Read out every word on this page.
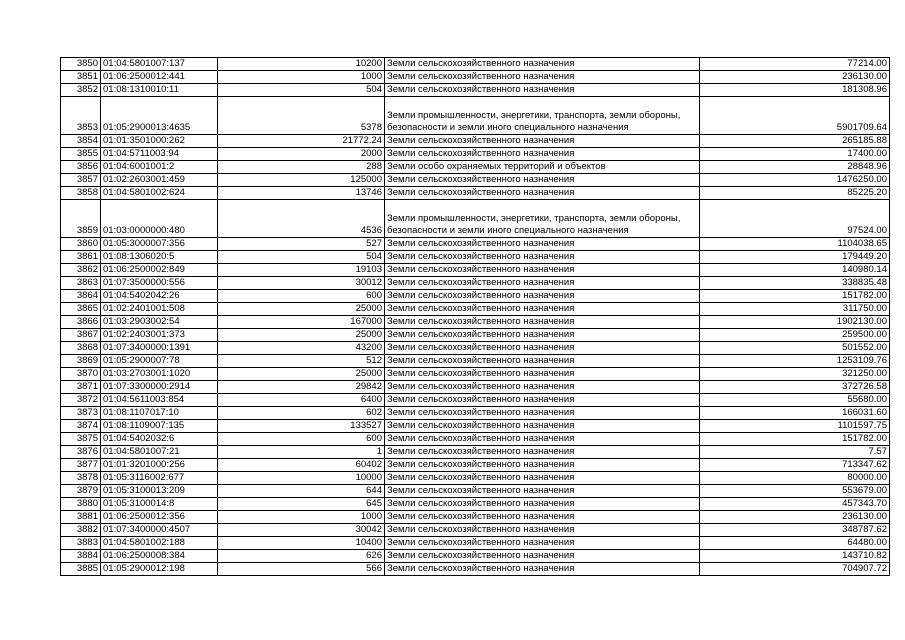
3850	01:04:5801007:137	10200	Земли сельскохозяйственного назначения	77214.00
3851	01:06:2500012:441	1000	Земли сельскохозяйственного назначения	236130.00
3852	01:08:1310010:11	504	Земли сельскохозяйственного назначения	181308.96
3853	01:05:2900013:4635	5378	Земли промышленности, энергетики, транспорта, земли обороны, безопасности и земли иного специального назначения	5901709.64
3854	01:01:3501000:262	21772.24	Земли сельскохозяйственного назначения	265185.88
3855	01:04:5711003:94	2000	Земли сельскохозяйственного назначения	17400.00
3856	01:04:6001001:2	288	Земли особо охраняемых территорий и объектов	28848.96
3857	01:02:2603001:459	125000	Земли сельскохозяйственного назначения	1476250.00
3858	01:04:5801002:624	13746	Земли сельскохозяйственного назначения	85225.20
3859	01:03:0000000:480	4536	Земли промышленности, энергетики, транспорта, земли обороны, безопасности и земли иного специального назначения	97524.00
3860	01:05:3000007:356	527	Земли сельскохозяйственного назначения	1104038.65
3861	01:08:1306020:5	504	Земли сельскохозяйственного назначения	179449.20
3862	01:06:2500002:849	19103	Земли сельскохозяйственного назначения	140980.14
3863	01:07:3500000:556	30012	Земли сельскохозяйственного назначения	338835.48
3864	01:04:5402042:26	600	Земли сельскохозяйственного назначения	151782.00
3865	01:02:2401001:508	25000	Земли сельскохозяйственного назначения	311750.00
3866	01:03:2903002:54	167000	Земли сельскохозяйственного назначения	1902130.00
3867	01:02:2403001:373	25000	Земли сельскохозяйственного назначения	259500.00
3868	01:07:3400000:1391	43200	Земли сельскохозяйственного назначения	501552.00
3869	01:05:2900007:78	512	Земли сельскохозяйственного назначения	1253109.76
3870	01:03:2703001:1020	25000	Земли сельскохозяйственного назначения	321250.00
3871	01:07:3300000:2914	29842	Земли сельскохозяйственного назначения	372726.58
3872	01:04:5611003:854	6400	Земли сельскохозяйственного назначения	55680.00
3873	01:08:1107017:10	602	Земли сельскохозяйственного назначения	166031.60
3874	01:08:1109007:135	133527	Земли сельскохозяйственного назначения	1101597.75
3875	01:04:5402032:6	600	Земли сельскохозяйственного назначения	151782.00
3876	01:04:5801007:21	1	Земли сельскохозяйственного назначения	7.57
3877	01:01:3201000:256	60402	Земли сельскохозяйственного назначения	713347.62
3878	01:05:3116002:677	10000	Земли сельскохозяйственного назначения	80000.00
3879	01:05:3100013:209	644	Земли сельскохозяйственного назначения	553679.00
3880	01:05:3100014:8	645	Земли сельскохозяйственного назначения	457343.70
3881	01:06:2500012:356	1000	Земли сельскохозяйственного назначения	236130.00
3882	01:07:3400000:4507	30042	Земли сельскохозяйственного назначения	348787.62
3883	01:04:5801002:188	10400	Земли сельскохозяйственного назначения	64480.00
3884	01:06:2500008:384	626	Земли сельскохозяйственного назначения	143710.82
3885	01:05:2900012:198	566	Земли сельскохозяйственного назначения	704907.72
